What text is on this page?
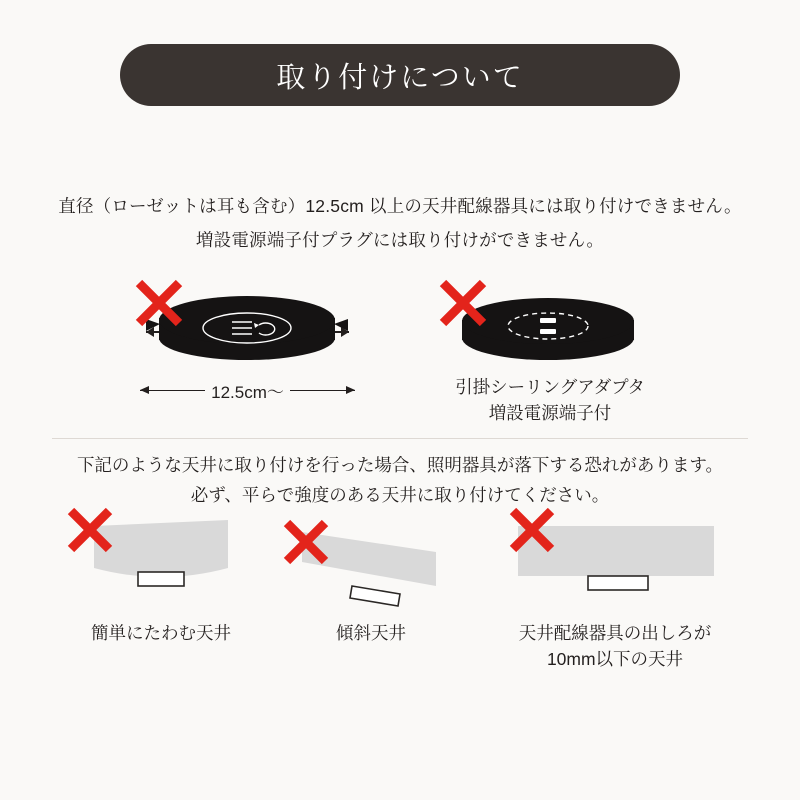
取り付けについて
直径（ローゼットは耳も含む）12.5cm 以上の天井配線器具には取り付けできません。
増設電源端子付プラグには取り付けができません。
12.5cm～	引掛シーリングアダプタ
増設電源端子付
下記のような天井に取り付けを行った場合、照明器具が落下する恐れがあります。
必ず、平らで強度のある天井に取り付けてください。
簡単にたわむ天井	傾斜天井	天井配線器具の出しろが
10mm以下の天井
